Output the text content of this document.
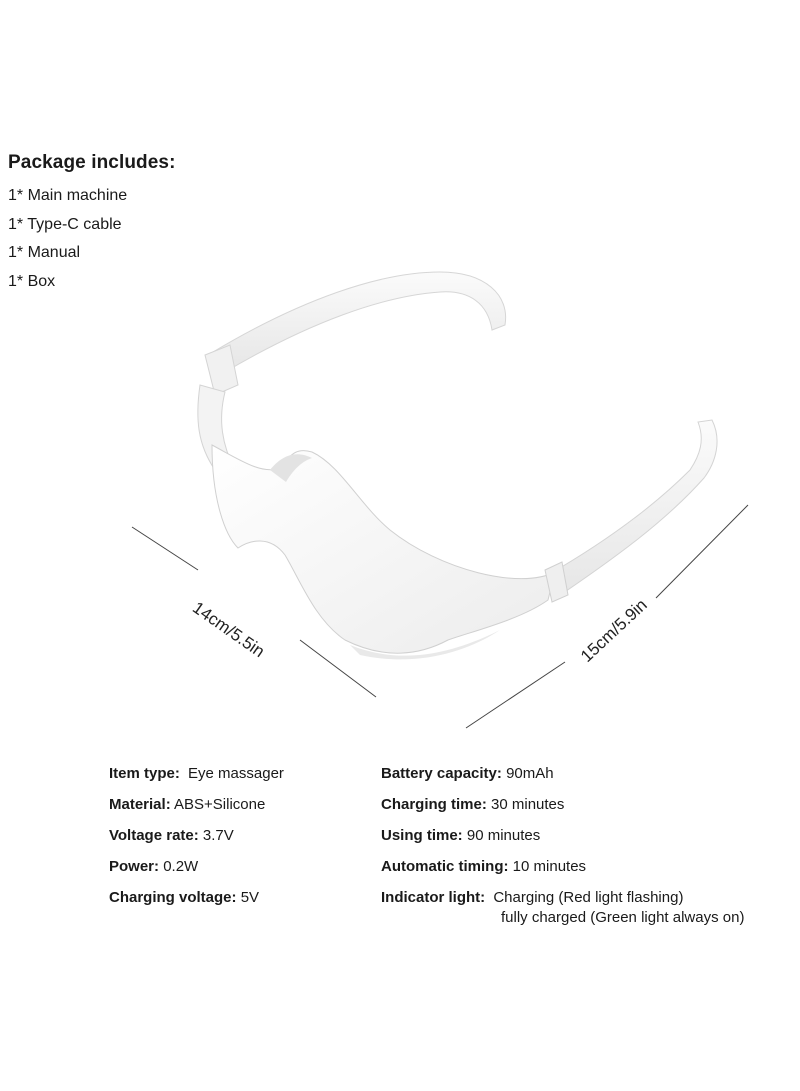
Package includes:
1* Main machine
1* Type-C cable
1* Manual
1* Box
14cm/5.5in	15cm/5.9in
Item type: Eye massager
Material: ABS+Silicone
Voltage rate: 3.7V
Power: 0.2W
Charging voltage: 5V
Battery capacity: 90mAh
Charging time: 30 minutes
Using time: 90 minutes
Automatic timing: 10 minutes
Indicator light: Charging (Red light flashing)
fully charged (Green light always on)
